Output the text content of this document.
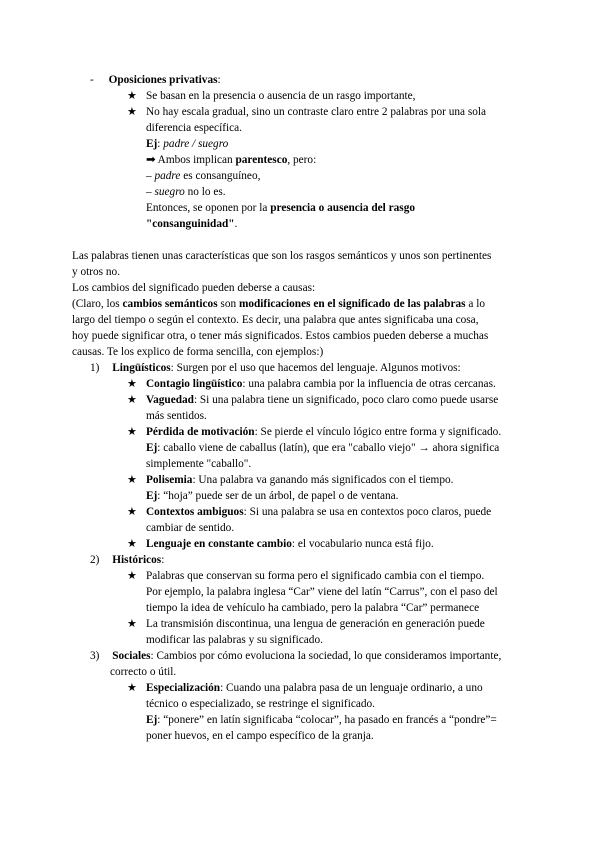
- Oposiciones privativas:
★ Se basan en la presencia o ausencia de un rasgo importante,
★ No hay escala gradual, sino un contraste claro entre 2 palabras por una sola
diferencia específica.
Ej: padre / suegro
➡ Ambos implican parentesco, pero:
– padre es consanguíneo,
– suegro no lo es.
Entonces, se oponen por la presencia o ausencia del rasgo
"consanguinidad".
Las palabras tienen unas características que son los rasgos semánticos y unos son pertinentes
y otros no.
Los cambios del significado pueden deberse a causas:
(Claro, los cambios semánticos son modificaciones en el significado de las palabras a lo
largo del tiempo o según el contexto. Es decir, una palabra que antes significaba una cosa,
hoy puede significar otra, o tener más significados. Estos cambios pueden deberse a muchas
causas. Te los explico de forma sencilla, con ejemplos:)
1) Lingüísticos: Surgen por el uso que hacemos del lenguaje. Algunos motivos:
★ Contagio lingüístico: una palabra cambia por la influencia de otras cercanas.
★ Vaguedad: Si una palabra tiene un significado, poco claro como puede usarse
más sentidos.
★ Pérdida de motivación: Se pierde el vínculo lógico entre forma y significado.
Ej: caballo viene de caballus (latín), que era "caballo viejo" → ahora significa
simplemente "caballo".
★ Polisemia: Una palabra va ganando más significados con el tiempo.
Ej: “hoja” puede ser de un árbol, de papel o de ventana.
★ Contextos ambiguos: Si una palabra se usa en contextos poco claros, puede
cambiar de sentido.
★ Lenguaje en constante cambio: el vocabulario nunca está fijo.
2) Históricos:
★ Palabras que conservan su forma pero el significado cambia con el tiempo.
Por ejemplo, la palabra inglesa “Car” viene del latín “Carrus”, con el paso del
tiempo la idea de vehículo ha cambiado, pero la palabra “Car” permanece
★ La transmisión discontinua, una lengua de generación en generación puede
modificar las palabras y su significado.
3) Sociales: Cambios por cómo evoluciona la sociedad, lo que consideramos importante,
correcto o útil.
★ Especialización: Cuando una palabra pasa de un lenguaje ordinario, a uno
técnico o especializado, se restringe el significado.
Ej: “ponere” en latín significaba “colocar”, ha pasado en francés a “pondre”=
poner huevos, en el campo específico de la granja.
